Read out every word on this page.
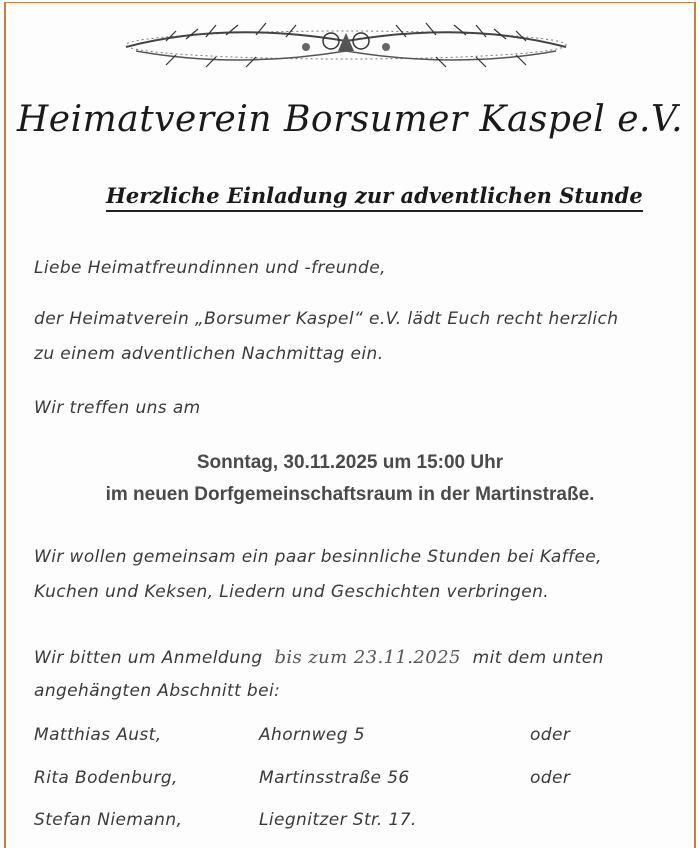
Heimatverein Borsumer Kaspel e.V.
Herzliche Einladung zur adventlichen Stunde
Liebe Heimatfreundinnen und -freunde,
der Heimatverein „Borsumer Kaspel“ e.V. lädt Euch recht herzlich
zu einem adventlichen Nachmittag ein.
Wir treffen uns am
Sonntag, 30.11.2025 um 15:00 Uhr
im neuen Dorfgemeinschaftsraum in der Martinstraße.
Wir wollen gemeinsam ein paar besinnliche Stunden bei Kaffee,
Kuchen und Keksen, Liedern und Geschichten verbringen.
Wir bitten um Anmeldung bis zum 23.11.2025 mit dem unten
angehängten Abschnitt bei:
Matthias Aust,	Ahornweg 5	oder
Rita Bodenburg,	Martinsstraße 56	oder
Stefan Niemann,	Liegnitzer Str. 17.
